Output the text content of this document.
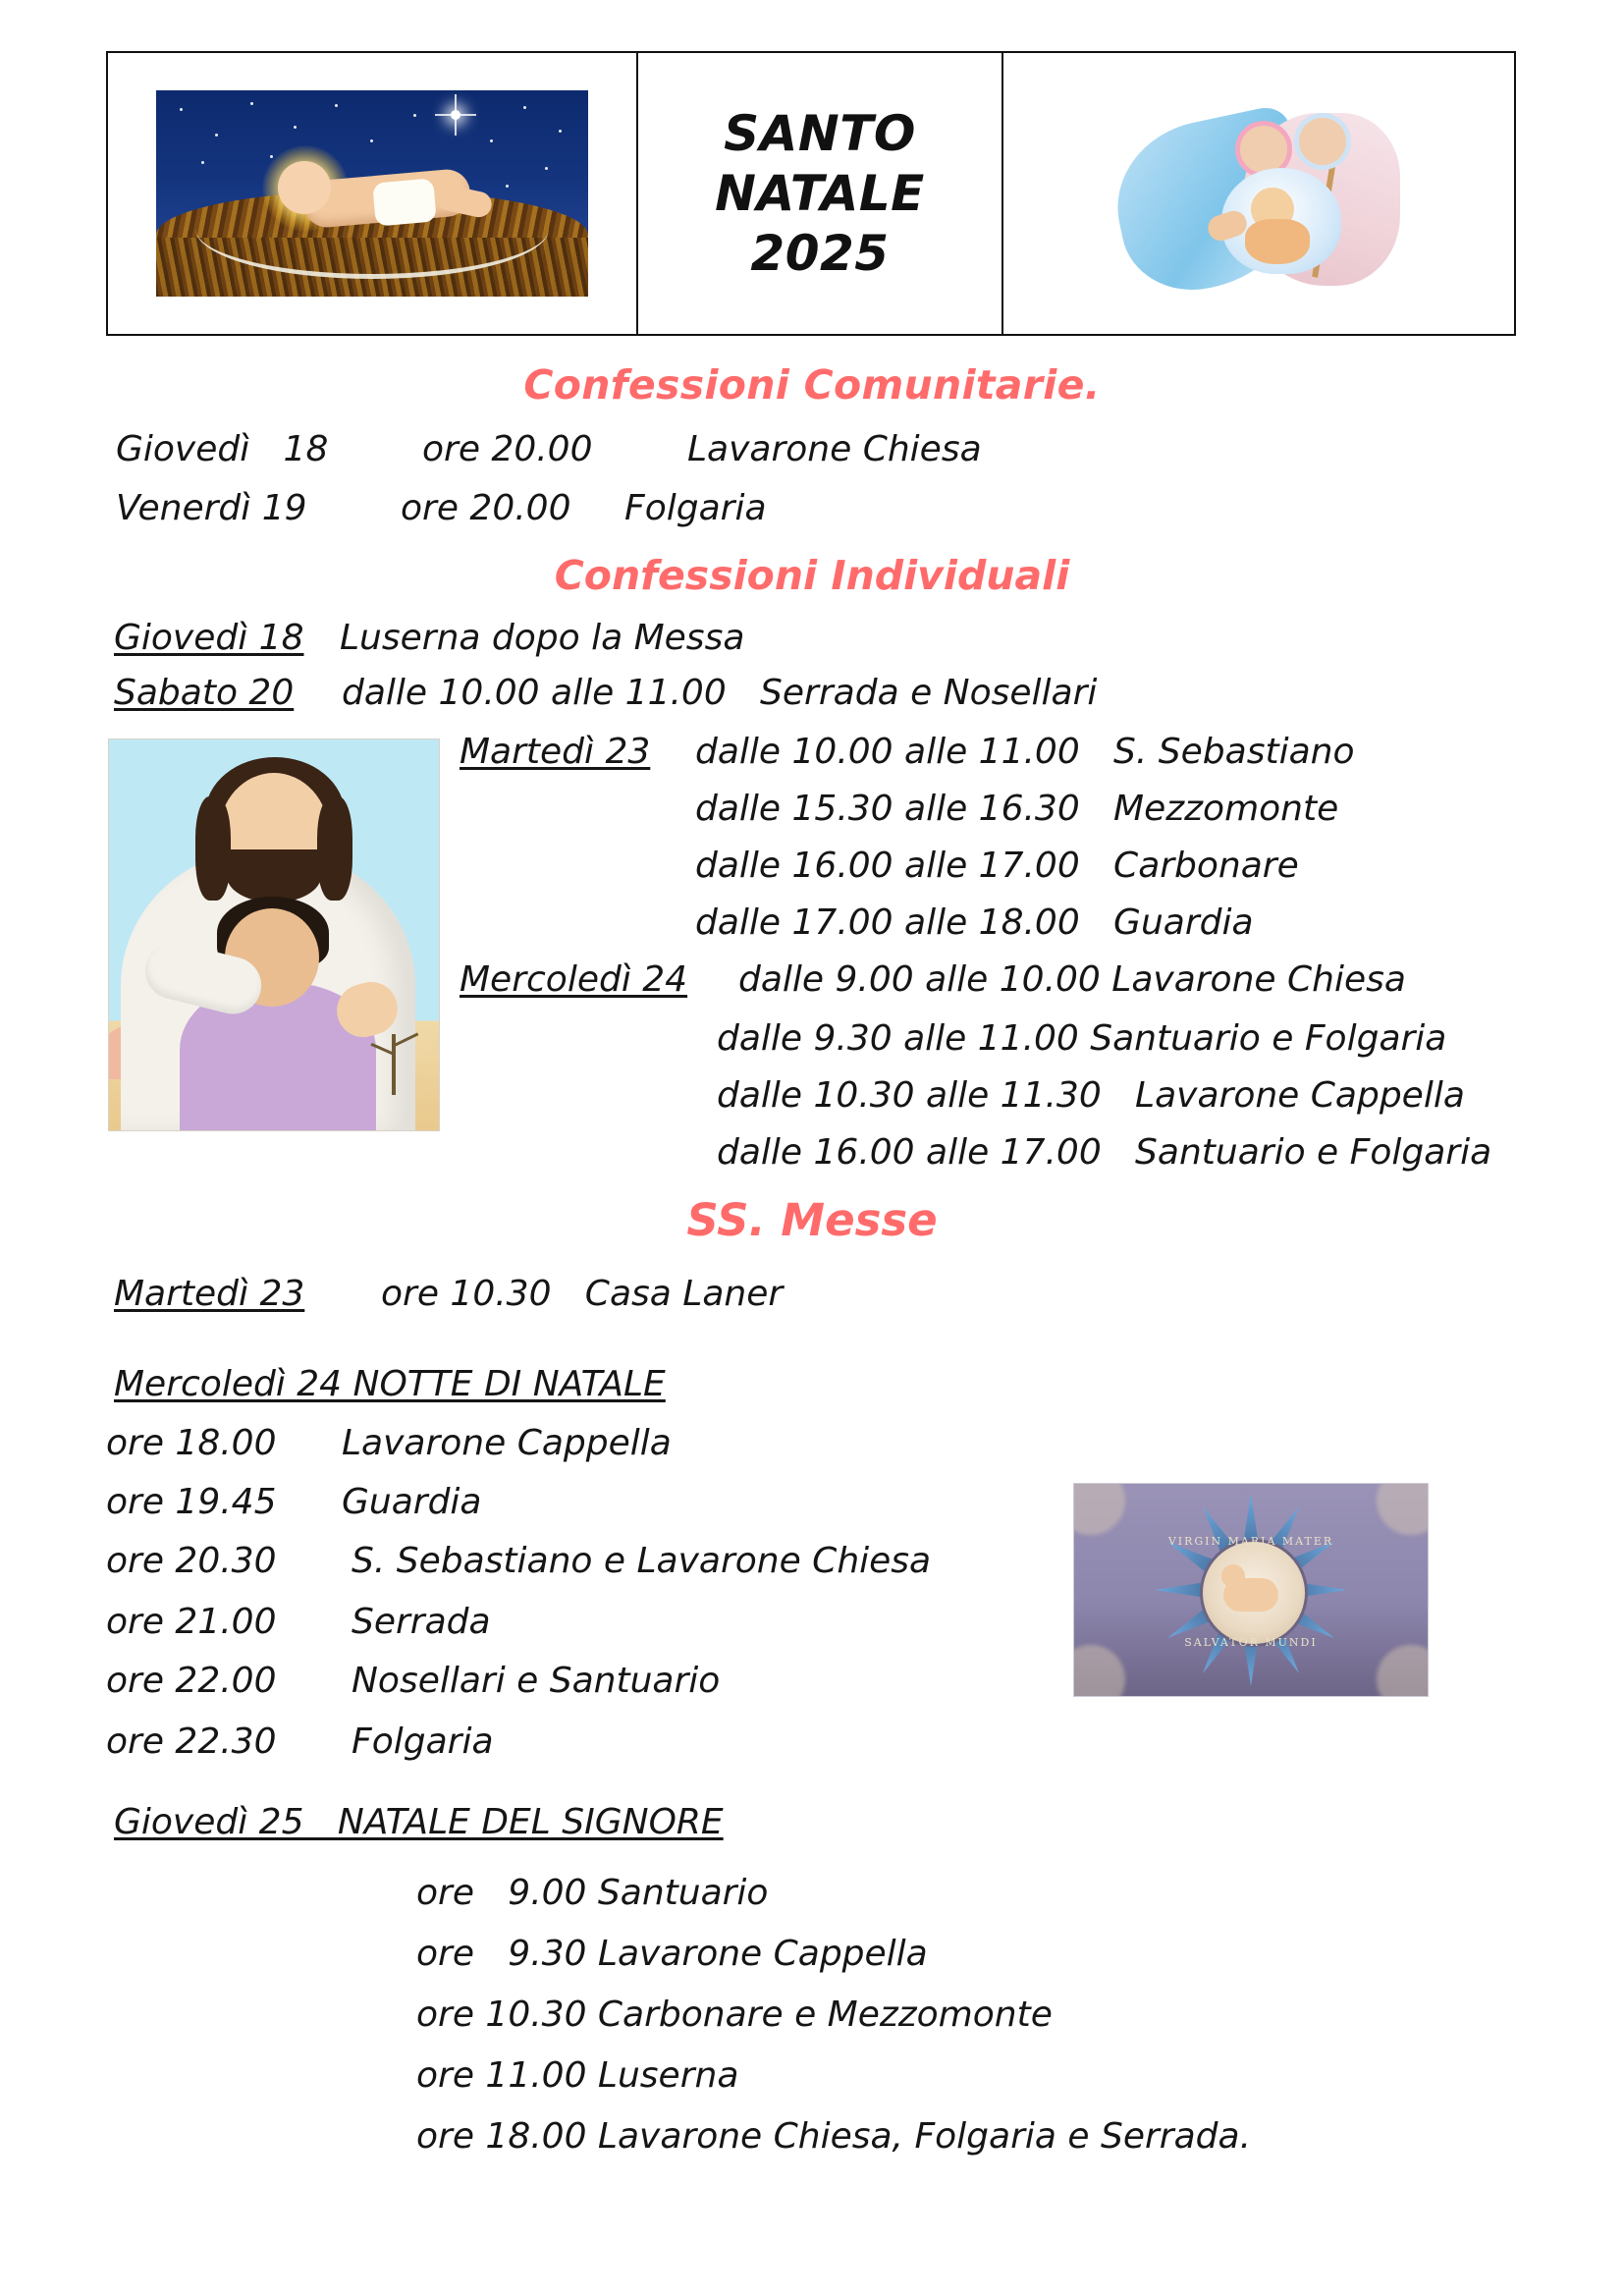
SANTO
NATALE
2025
Confessioni Comunitarie.
Giovedì   18	ore 20.00	Lavarone Chiesa
Venerdì 19	ore 20.00 Folgaria
Confessioni Individuali
Giovedì 18 Luserna dopo la Messa
Sabato 20 dalle 10.00 alle 11.00   Serrada e Nosellari
Martedì 23 dalle 10.00 alle 11.00   S. Sebastiano
dalle 15.30 alle 16.30   Mezzomonte
dalle 16.00 alle 17.00   Carbonare
dalle 17.00 alle 18.00   Guardia
Mercoledì 24 dalle 9.00 alle 10.00 Lavarone Chiesa
dalle 9.30 alle 11.00 Santuario e Folgaria
dalle 10.30 alle 11.30   Lavarone Cappella
dalle 16.00 alle 17.00   Santuario e Folgaria
SS. Messe
Martedì 23 ore 10.30   Casa Laner
Mercoledì 24 NOTTE DI NATALE
ore 18.00 Lavarone Cappella
ore 19.45 Guardia
ore 20.30 S. Sebastiano e Lavarone Chiesa
ore 21.00 Serrada
ore 22.00 Nosellari e Santuario
ore 22.30 Folgaria
Giovedì 25   NATALE DEL SIGNORE
ore   9.00 Santuario
ore   9.30 Lavarone Cappella
ore 10.30 Carbonare e Mezzomonte
ore 11.00 Luserna
ore 18.00 Lavarone Chiesa, Folgaria e Serrada.
VIRGIN MARIA MATER
SALVATOR MUNDI
